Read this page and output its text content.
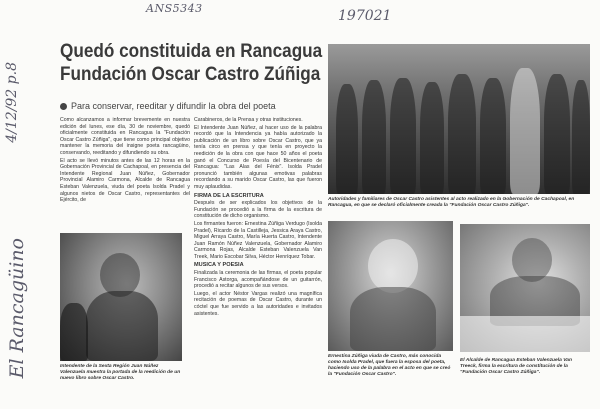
ANS5343	197021
4/12/92 p.8
El Rancagüino
Quedó constituida en Rancagua
Fundación Oscar Castro Zúñiga
Para conservar, reeditar y difundir la obra del poeta

Como alcanzamos a informar brevemente en nuestra edición del lunes, ese día, 30 de noviembre, quedó oficialmente constituida en Rancagua la "Fundación Oscar Castro Zúñiga", que tiene como principal objetivo mantener la memoria del insigne poeta rancagüino, conservando, reeditando y difundiendo su obra.

El acto se llevó minutos antes de las 12 horas en la Gobernación Provincial de Cachapoal, en presencia del Intendente Regional Juan Núñez, Gobernador Provincial Alamiro Carmona, Alcalde de Rancagua Esteban Valenzuela, viuda del poeta Isolda Pradel y algunos nietos de Oscar Castro, representantes del Ejército, de

Carabineros, de la Prensa y otras instituciones.

El Intendente Juan Núñez, al hacer uso de la palabra recordó que la Intendencia ya había autorizado la publicación de un libro sobre Oscar Castro, que ya tenía circo en prensa y que tenía en proyecto la reedición de la obra con que hace 50 años el poeta ganó el Concurso de Poesía del Bicentenario de Rancagua: "Las Alas del Fénix". Isolda Pradel pronunció también algunas emotivas palabras recordando a su marido Oscar Castro, las que fueron muy aplaudidas.

FIRMA DE LA ESCRITURA

Después de ser explicados los objetivos de la Fundación se procedió a la firma de la escritura de constitución de dicho organismo.

Los firmantes fueron: Ernestina Zúñiga Verdugo (Isolda Pradel), Ricardo de la Castilleja, Jessica Araya Castro, Miguel Arraya Castro, María Huerta Castro, Intendente Juan Ramón Núñez Valenzuela, Gobernador Alamiro Carmona Rojas, Alcalde Esteban Valenzuela Van Treek, Mario Escobar Silva, Héctor Henríquez Tobar.

MUSICA Y POESIA

Finalizada la ceremonia de las firmas, el poeta popular Francisco Astorga, acompañándose de un guitarrón, procedió a recitar algunos de sus versos.

Luego, el actor Néstor Vargas realizó una magnífica recitación de poemas de Oscar Castro, durante un cóctel que fue servido a las autoridades e invitados asistentes.

Intendente de la Sexta Región Juan Núñez Valenzuela muestra la portada de la reedición de un nuevo libro sobre Oscar Castro.
Autoridades y familiares de Oscar Castro asistentes al acto realizado en la Gobernación de Cachapoal, en Rancagua, en que se declaró oficialmente creada la "Fundación Oscar Castro Zúñiga".
Ernestina Zúñiga viuda de Castro, más conocida como Isolda Pradel, que fuera la esposa del poeta, haciendo uso de la palabra en el acto en que se creó la "Fundación Oscar Castro".
El Alcalde de Rancagua Esteban Valenzuela Van Treeck, firma la escritura de constitución de la "Fundación Oscar Castro Zúñiga".
